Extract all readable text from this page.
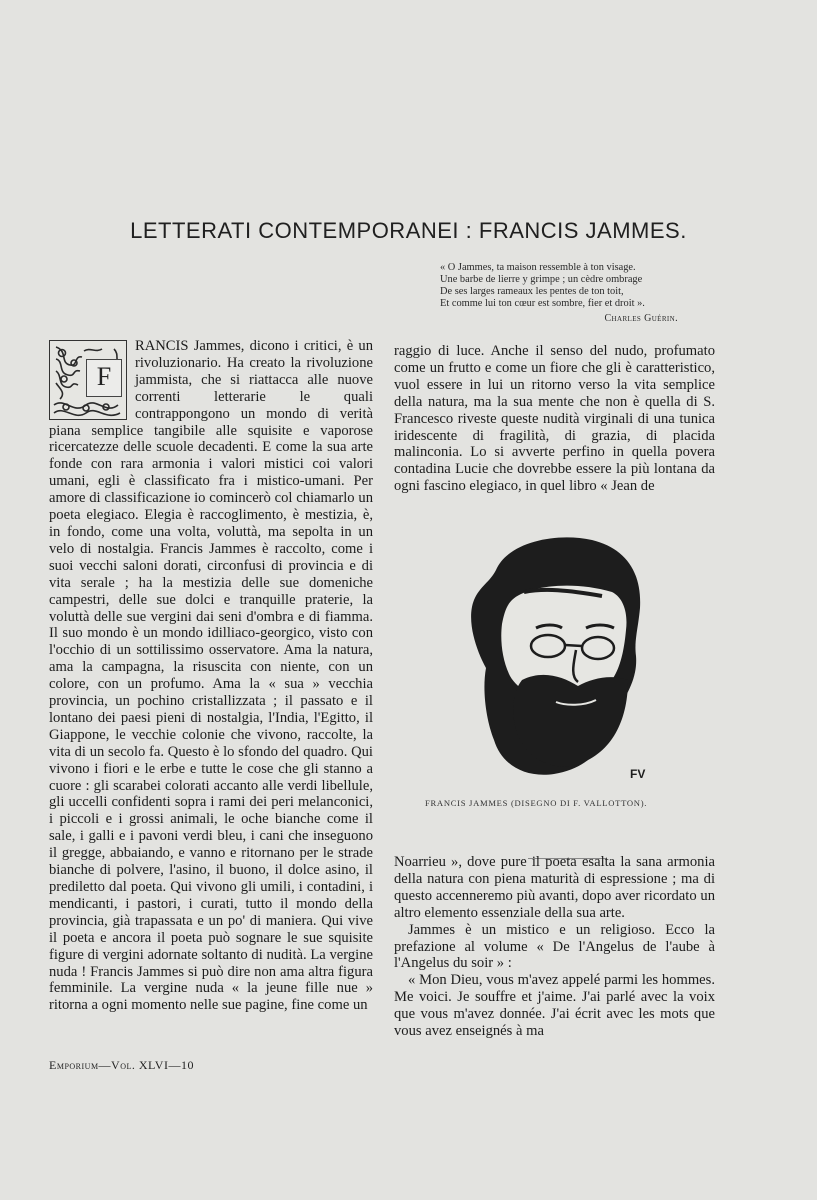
LETTERATI CONTEMPORANEI : FRANCIS JAMMES.
« O Jammes, ta maison ressemble à ton visage.
Une barbe de lierre y grimpe ; un cèdre ombrage
De ses larges rameaux les pentes de ton toit,
Et comme lui ton cœur est sombre, fier et droit ».
Charles Guérin.
F

RANCIS Jammes, dicono i critici, è un rivoluzionario. Ha creato la rivoluzione jammista, che si riattacca alle nuove correnti letterarie le quali contrappongono un mondo di verità piana semplice tangibile alle squisite e vaporose ricercatezze delle scuole decadenti. E come la sua arte fonde con rara armonia i valori mistici coi valori umani, egli è classificato fra i mistico-umani. Per amore di classificazione io comincerò col chiamarlo un poeta elegiaco. Elegia è raccoglimento, è mestizia, è, in fondo, come una volta, voluttà, ma sepolta in un velo di nostalgia. Francis Jammes è raccolto, come i suoi vecchi saloni dorati, circonfusi di provincia e di vita serale ; ha la mestizia delle sue domeniche campestri, delle sue dolci e tranquille praterie, la voluttà delle sue vergini dai seni d'ombra e di fiamma. Il suo mondo è un mondo idilliaco-georgico, visto con l'occhio di un sottilissimo osservatore. Ama la natura, ama la campagna, la risuscita con niente, con un colore, con un profumo. Ama la « sua » vecchia provincia, un pochino cristallizzata ; il passato e il lontano dei paesi pieni di nostalgia, l'India, l'Egitto, il Giappone, le vecchie colonie che vivono, raccolte, la vita di un secolo fa. Questo è lo sfondo del quadro. Qui vivono i fiori e le erbe e tutte le cose che gli stanno a cuore : gli scarabei colorati accanto alle verdi libellule, gli uccelli confidenti sopra i rami dei peri melanconici, i piccoli e i grossi animali, le oche bianche come il sale, i galli e i pavoni verdi bleu, i cani che inseguono il gregge, abbaiando, e vanno e ritornano per le strade bianche di polvere, l'asino, il buono, il dolce asino, il prediletto dal poeta. Qui vivono gli umili, i contadini, i mendicanti, i pastori, i curati, tutto il mondo della provincia, già trapassata e un po' di maniera. Qui vive il poeta e ancora il poeta può sognare le sue squisite figure di vergini adornate soltanto di nudità. La vergine nuda ! Francis Jammes si può dire non ama altra figura femminile. La vergine nuda « la jeune fille nue » ritorna a ogni momento nelle sue pagine, fine come un

raggio di luce. Anche il senso del nudo, profumato come un frutto e come un fiore che gli è caratteristico, vuol essere in lui un ritorno verso la vita semplice della natura, ma la sua mente che non è quella di S. Francesco riveste queste nudità virginali di una tunica iridescente di fragilità, di grazia, di placida malinconia. Lo si avverte perfino in quella povera contadina Lucie che dovrebbe essere la più lontana da ogni fascino elegiaco, in quel libro « Jean de

FV
FRANCIS JAMMES (DISEGNO DI F. VALLOTTON).

Noarrieu », dove pure il poeta esalta la sana armonia della natura con piena maturità di espressione ; ma di questo accenneremo più avanti, dopo aver ricordato un altro elemento essenziale della sua arte.

Jammes è un mistico e un religioso. Ecco la prefazione al volume « De l'Angelus de l'aube à l'Angelus du soir » :

« Mon Dieu, vous m'avez appelé parmi les hommes. Me voici. Je souffre et j'aime. J'ai parlé avec la voix que vous m'avez donnée. J'ai écrit avec les mots que vous avez enseignés à ma

Emporium—Vol. XLVI—10
